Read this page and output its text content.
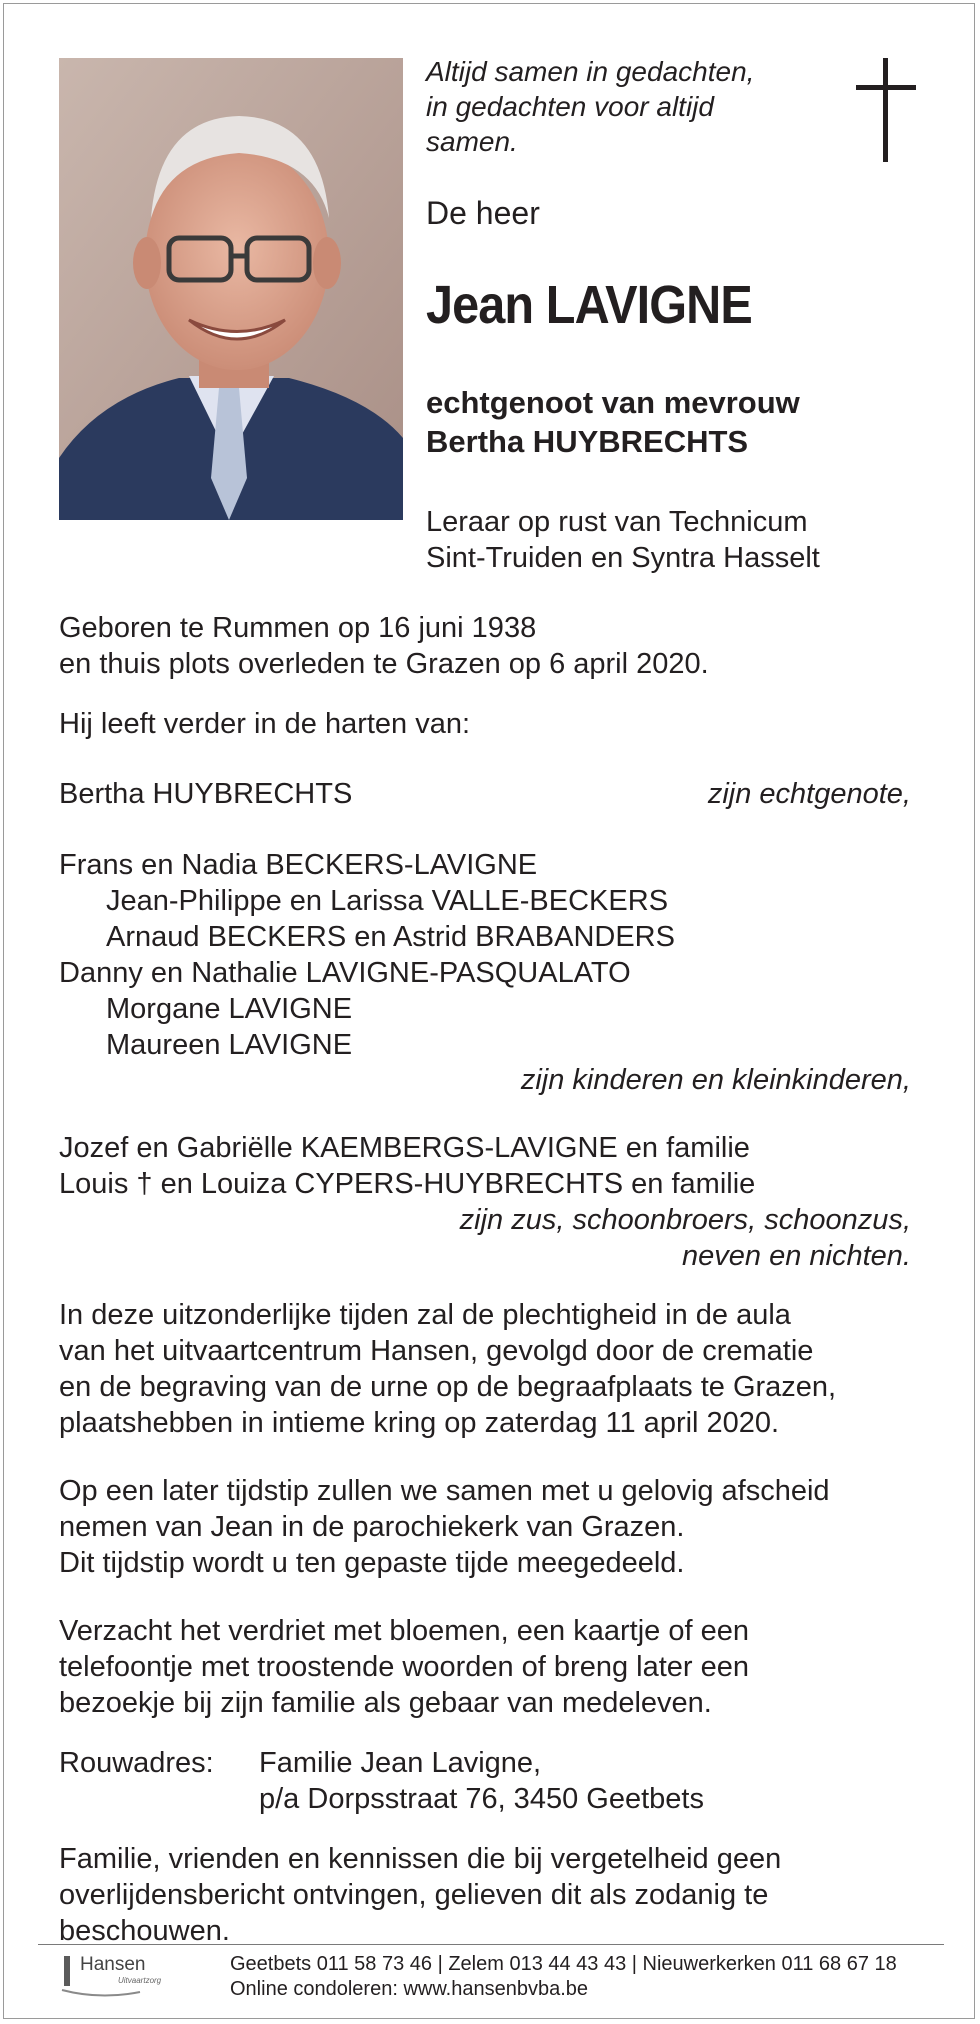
Altijd samen in gedachten,
in gedachten voor altijd
samen.
De heer
Jean LAVIGNE
echtgenoot van mevrouw
Bertha HUYBRECHTS
Leraar op rust van Technicum
Sint-Truiden en Syntra Hasselt
Geboren te Rummen op 16 juni 1938
en thuis plots overleden te Grazen op 6 april 2020.
Hij leeft verder in de harten van:
Bertha HUYBRECHTS	zijn echtgenote,
Frans en Nadia BECKERS-LAVIGNE
Jean-Philippe en Larissa VALLE-BECKERS
Arnaud BECKERS en Astrid BRABANDERS
Danny en Nathalie LAVIGNE-PASQUALATO
Morgane LAVIGNE
Maureen LAVIGNE
zijn kinderen en kleinkinderen,
Jozef en Gabriëlle KAEMBERGS-LAVIGNE en familie
Louis † en Louiza CYPERS-HUYBRECHTS en familie
zijn zus, schoonbroers, schoonzus,
neven en nichten.
In deze uitzonderlijke tijden zal de plechtigheid in de aula
van het uitvaartcentrum Hansen, gevolgd door de crematie
en de begraving van de urne op de begraafplaats te Grazen,
plaatshebben in intieme kring op zaterdag 11 april 2020.
Op een later tijdstip zullen we samen met u gelovig afscheid
nemen van Jean in de parochiekerk van Grazen.
Dit tijdstip wordt u ten gepaste tijde meegedeeld.
Verzacht het verdriet met bloemen, een kaartje of een
telefoontje met troostende woorden of breng later een
bezoekje bij zijn familie als gebaar van medeleven.
Rouwadres: Familie Jean Lavigne,
p/a Dorpsstraat 76, 3450 Geetbets
Familie, vrienden en kennissen die bij vergetelheid geen
overlijdensbericht ontvingen, gelieven dit als zodanig te
beschouwen.
Hansen
Uitvaartzorg
Geetbets 011 58 73 46 | Zelem 013 44 43 43 | Nieuwerkerken 011 68 67 18
Online condoleren: www.hansenbvba.be
